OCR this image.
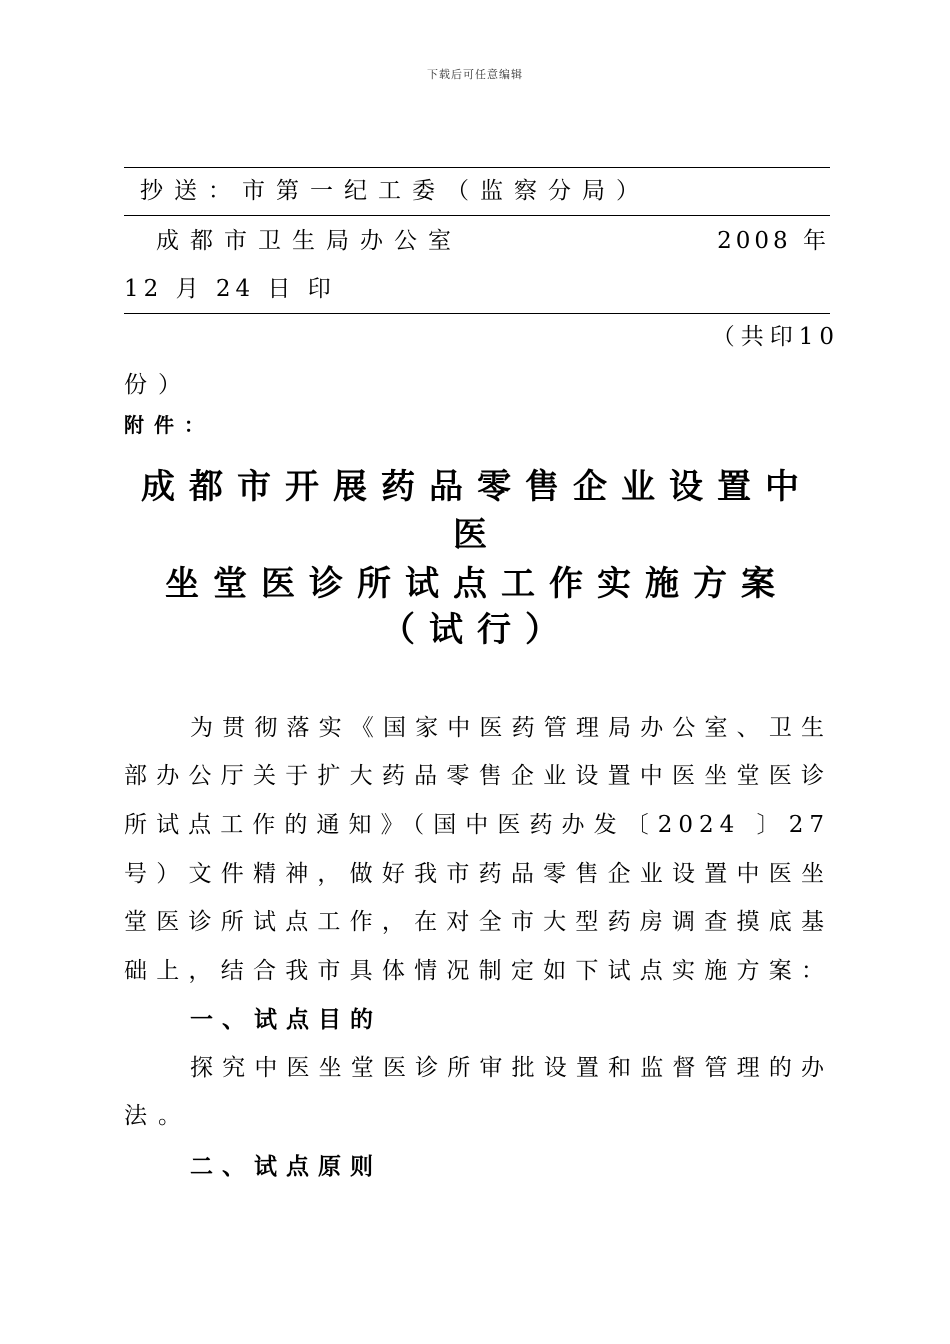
下载后可任意编辑
抄送：市第一纪工委（监察分局）
成都市卫生局办公室	2008 年
12 月 24 日 印
（共印10
份）
附件：
成都市开展药品零售企业设置中
医
坐堂医诊所试点工作实施方案
（试行）
为贯彻落实《国家中医药管理局办公室、卫生
部办公厅关于扩大药品零售企业设置中医坐堂医诊
所试点工作的通知》（国中医药办发〔2024 〕27
号）文件精神，做好我市药品零售企业设置中医坐
堂医诊所试点工作，在对全市大型药房调查摸底基
础上，结合我市具体情况制定如下试点实施方案：
一、试点目的
探究中医坐堂医诊所审批设置和监督管理的办
法。
二、试点原则
